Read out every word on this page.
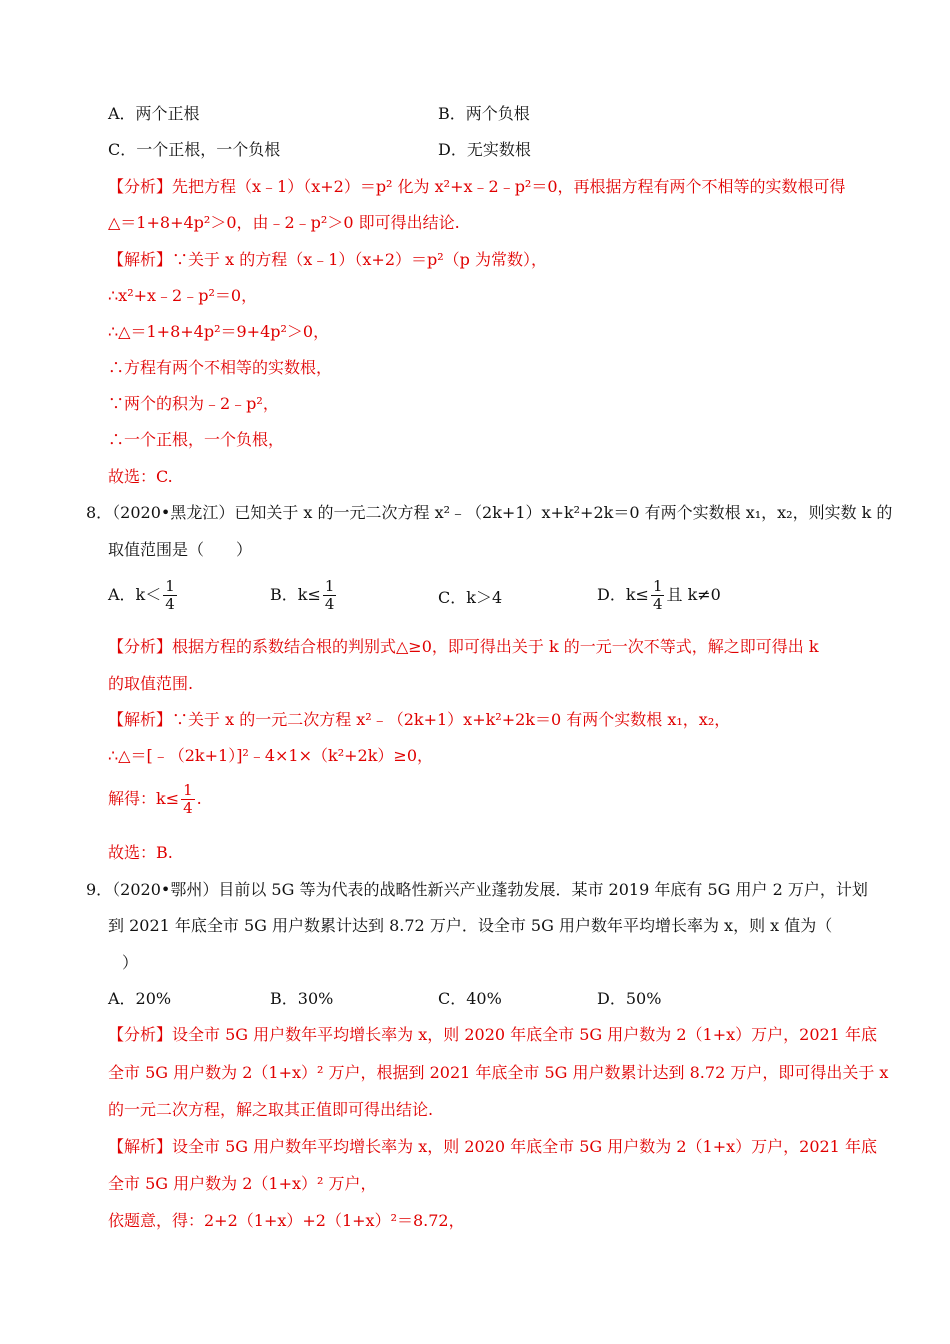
A．两个正根	B．两个负根
C．一个正根，一个负根	D．无实数根
【分析】先把方程（x﹣1）（x+2）＝p² 化为 x²+x﹣2﹣p²＝0，再根据方程有两个不相等的实数根可得
△＝1+8+4p²＞0，由﹣2﹣p²＞0 即可得出结论.
【解析】∵关于 x 的方程（x﹣1）（x+2）＝p²（p 为常数），
∴x²+x﹣2﹣p²＝0，
∴△＝1+8+4p²＝9+4p²＞0，
∴方程有两个不相等的实数根，
∵两个的积为﹣2﹣p²，
∴一个正根，一个负根，
故选：C.
8．（2020•黑龙江）已知关于 x 的一元二次方程 x²﹣（2k+1）x+k²+2k＝0 有两个实数根 x₁，x₂，则实数 k 的
取值范围是（　　）
A．$k< \frac{1}{4}$	B．$k\le \frac{1}{4}$	C．k＞4	D．$k\le \frac{1}{4}$ 且 k≠0
【分析】根据方程的系数结合根的判别式△≥0，即可得出关于 k 的一元一次不等式，解之即可得出 k
的取值范围.
【解析】∵关于 x 的一元二次方程 x²﹣（2k+1）x+k²+2k＝0 有两个实数根 x₁，x₂，
∴△＝[﹣（2k+1）]²﹣4×1×（k²+2k）≥0，
解得：$k\le \frac{1}{4}$ .
故选：B.
9．（2020•鄂州）目前以 5G 等为代表的战略性新兴产业蓬勃发展．某市 2019 年底有 5G 用户 2 万户，计划
到 2021 年底全市 5G 用户数累计达到 8.72 万户．设全市 5G 用户数年平均增长率为 x，则 x 值为（
）
A．20%	B．30%	C．40%	D．50%
【分析】设全市 5G 用户数年平均增长率为 x，则 2020 年底全市 5G 用户数为 2（1+x）万户，2021 年底
全市 5G 用户数为 2（1+x）² 万户，根据到 2021 年底全市 5G 用户数累计达到 8.72 万户，即可得出关于 x
的一元二次方程，解之取其正值即可得出结论.
【解析】设全市 5G 用户数年平均增长率为 x，则 2020 年底全市 5G 用户数为 2（1+x）万户，2021 年底
全市 5G 用户数为 2（1+x）² 万户，
依题意，得：2+2（1+x）+2（1+x）²＝8.72，
